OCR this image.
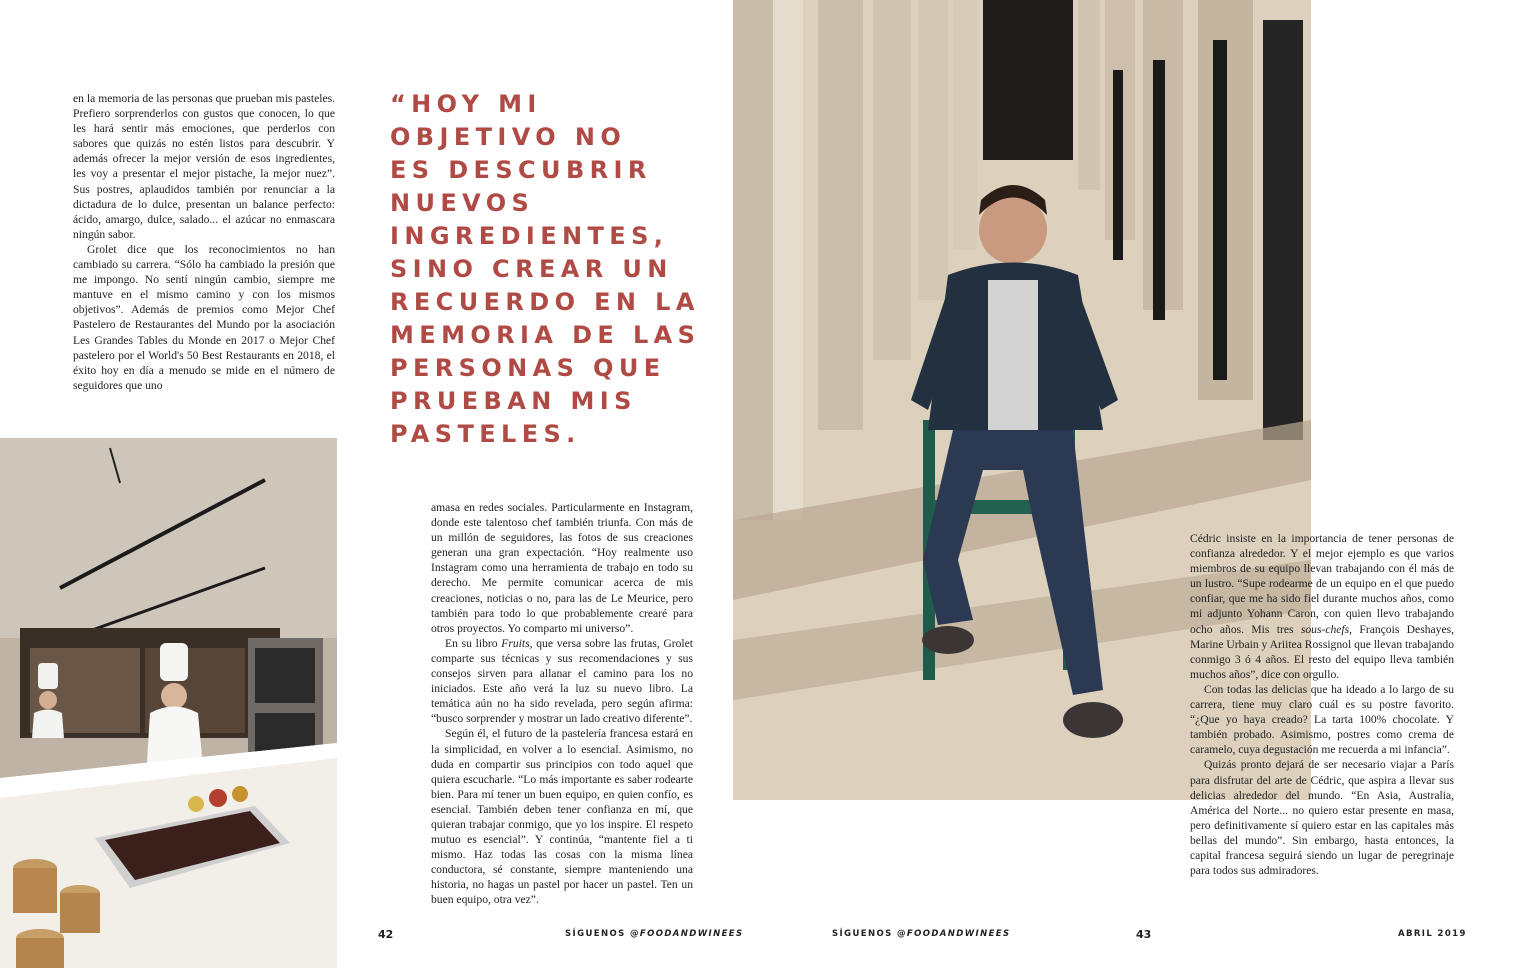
en la memoria de las personas que prueban mis pasteles. Prefiero sorprenderlos con gustos que conocen, lo que les hará sentir más emociones, que perderlos con sabores que quizás no estén listos para descubrir. Y además ofrecer la mejor versión de esos ingredientes, les voy a presentar el mejor pistache, la mejor nuez”. Sus postres, aplaudidos también por renunciar a la dictadura de lo dulce, presentan un balance perfecto: ácido, amargo, dulce, salado... el azúcar no enmascara ningún sabor.

Grolet dice que los reconocimientos no han cambiado su carrera. “Sólo ha cambiado la presión que me impongo. No sentí ningún cambio, siempre me mantuve en el mismo camino y con los mismos objetivos”. Además de premios como Mejor Chef Pastelero de Restaurantes del Mundo por la asociación Les Grandes Tables du Monde en 2017 o Mejor Chef pastelero por el World's 50 Best Restaurants en 2018, el éxito hoy en día a menudo se mide en el número de seguidores que uno

“HOY MI
OBJETIVO NO
ES DESCUBRIR
NUEVOS
INGREDIENTES,
SINO CREAR UN
RECUERDO EN LA
MEMORIA DE LAS
PERSONAS QUE
PRUEBAN MIS
PASTELES.

amasa en redes sociales. Particularmente en Instagram, donde este talentoso chef también triunfa. Con más de un millón de seguidores, las fotos de sus creaciones generan una gran expectación. “Hoy realmente uso Instagram como una herramienta de trabajo en todo su derecho. Me permite comunicar acerca de mis creaciones, noticias o no, para las de Le Meurice, pero también para todo lo que probablemente crearé para otros proyectos. Yo comparto mi universo”.

En su libro Fruits, que versa sobre las frutas, Grolet comparte sus técnicas y sus recomendaciones y sus consejos sirven para allanar el camino para los no iniciados. Este año verá la luz su nuevo libro. La temática aún no ha sido revelada, pero según afirma: “busco sorprender y mostrar un lado creativo diferente”.

Según él, el futuro de la pastelería francesa estará en la simplicidad, en volver a lo esencial. Asimismo, no duda en compartir sus principios con todo aquel que quiera escucharle. “Lo más importante es saber rodearte bien. Para mí tener un buen equipo, en quien confío, es esencial. También deben tener confianza en mí, que quieran trabajar conmigo, que yo los inspire. El respeto mutuo es esencial”. Y continúa, “mantente fiel a ti mismo. Haz todas las cosas con la misma línea conductora, sé constante, siempre manteniendo una historia, no hagas un pastel por hacer un pastel. Ten un buen equipo, otra vez”.

42	SÍGUENOS @FOODANDWINEES

Cédric insiste en la importancia de tener personas de confianza alrededor. Y el mejor ejemplo es que varios miembros de su equipo llevan trabajando con él más de un lustro. “Supe rodearme de un equipo en el que puedo confiar, que me ha sido fiel durante muchos años, como mi adjunto Yohann Caron, con quien llevo trabajando ocho años. Mis tres sous-chefs, François Deshayes, Marine Urbain y Ariitea Rossignol que llevan trabajando conmigo 3 ó 4 años. El resto del equipo lleva también muchos años”, dice con orgullo.

Con todas las delicias que ha ideado a lo largo de su carrera, tiene muy claro cuál es su postre favorito. “¿Que yo haya creado? La tarta 100% chocolate. Y también probado. Asimismo, postres como crema de caramelo, cuya degustación me recuerda a mi infancia”.

Quizás pronto dejará de ser necesario viajar a París para disfrutar del arte de Cédric, que aspira a llevar sus delicias alrededor del mundo. “En Asia, Australia, América del Norte... no quiero estar presente en masa, pero definitivamente sí quiero estar en las capitales más bellas del mundo”. Sin embargo, hasta entonces, la capital francesa seguirá siendo un lugar de peregrinaje para todos sus admiradores.

SÍGUENOS @FOODANDWINEES	43	ABRIL 2019
